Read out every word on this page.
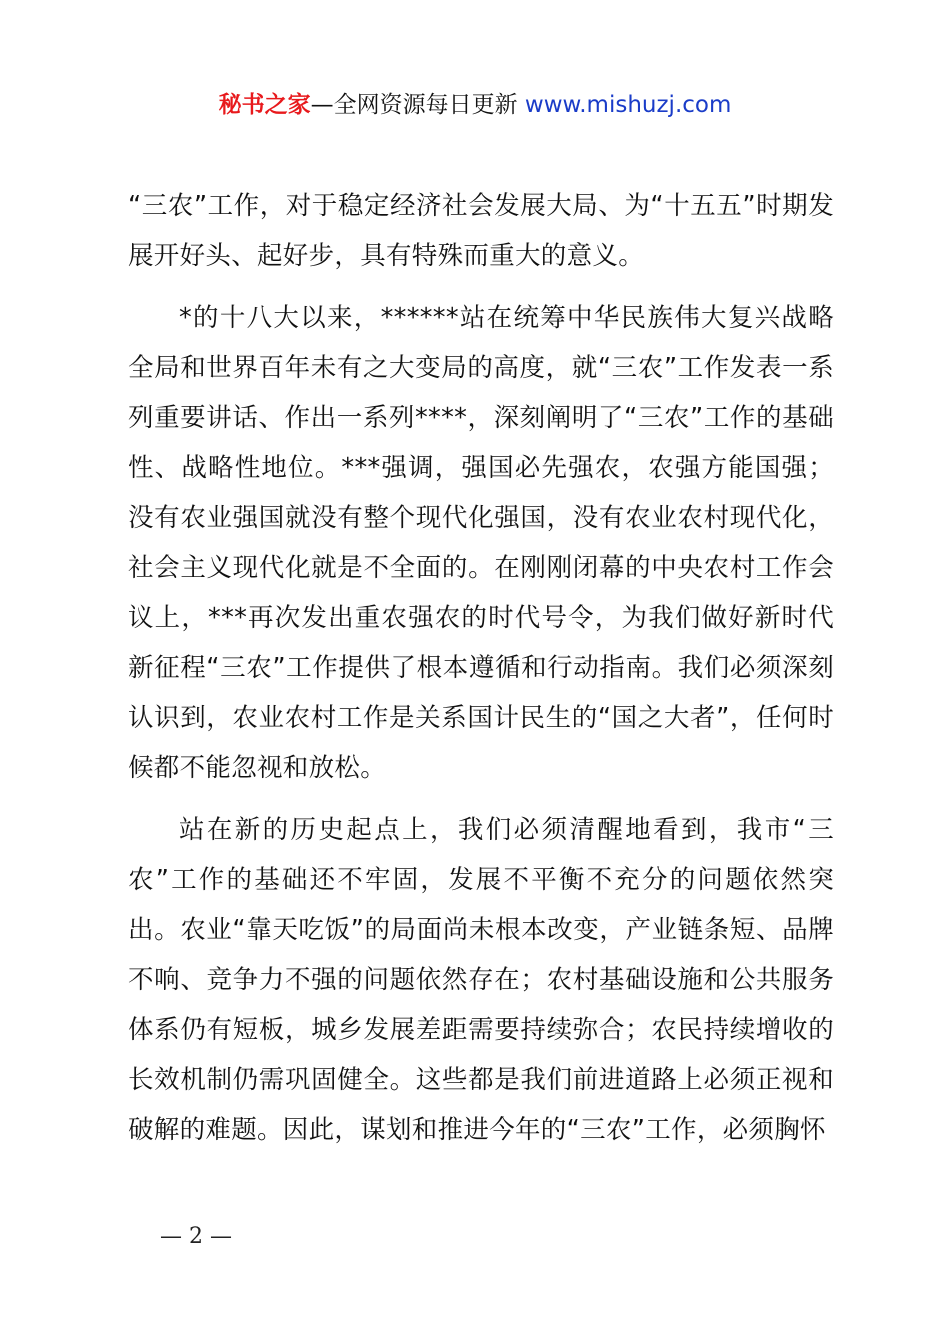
秘书之家—全网资源每日更新 www.mishuzj.com

“三农”工作，对于稳定经济社会发展大局、为“十五五”时期发展开好头、起好步，具有特殊而重大的意义。

*的十八大以来，******站在统筹中华民族伟大复兴战略全局和世界百年未有之大变局的高度，就“三农”工作发表一系列重要讲话、作出一系列****，深刻阐明了“三农”工作的基础性、战略性地位。***强调，强国必先强农，农强方能国强；没有农业强国就没有整个现代化强国，没有农业农村现代化，社会主义现代化就是不全面的。在刚刚闭幕的中央农村工作会议上，***再次发出重农强农的时代号令，为我们做好新时代新征程“三农”工作提供了根本遵循和行动指南。我们必须深刻认识到，农业农村工作是关系国计民生的“国之大者”，任何时候都不能忽视和放松。

站在新的历史起点上，我们必须清醒地看到，我市“三农”工作的基础还不牢固，发展不平衡不充分的问题依然突出。农业“靠天吃饭”的局面尚未根本改变，产业链条短、品牌不响、竞争力不强的问题依然存在；农村基础设施和公共服务体系仍有短板，城乡发展差距需要持续弥合；农民持续增收的长效机制仍需巩固健全。这些都是我们前进道路上必须正视和破解的难题。因此，谋划和推进今年的“三农”工作，必须胸怀

— 2 —
